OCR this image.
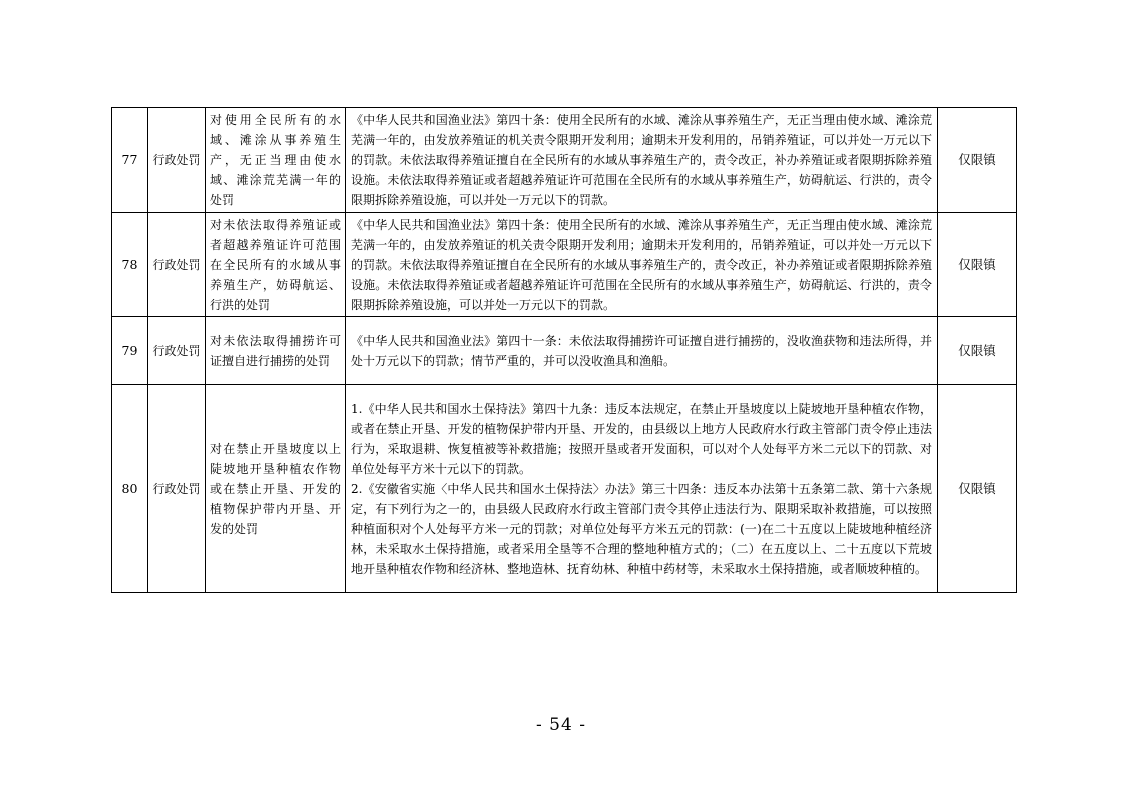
77	行政处罚	对使用全民所有的水域、滩涂从事养殖生产，无正当理由使水域、滩涂荒芜满一年的处罚	《中华人民共和国渔业法》第四十条：使用全民所有的水域、滩涂从事养殖生产，无正当理由使水域、滩涂荒芜满一年的，由发放养殖证的机关责令限期开发利用；逾期未开发利用的，吊销养殖证，可以并处一万元以下的罚款。未依法取得养殖证擅自在全民所有的水域从事养殖生产的，责令改正，补办养殖证或者限期拆除养殖设施。未依法取得养殖证或者超越养殖证许可范围在全民所有的水域从事养殖生产，妨碍航运、行洪的，责令限期拆除养殖设施，可以并处一万元以下的罚款。	仅限镇
78	行政处罚	对未依法取得养殖证或者超越养殖证许可范围在全民所有的水域从事养殖生产，妨碍航运、行洪的处罚	《中华人民共和国渔业法》第四十条：使用全民所有的水域、滩涂从事养殖生产，无正当理由使水域、滩涂荒芜满一年的，由发放养殖证的机关责令限期开发利用；逾期未开发利用的，吊销养殖证，可以并处一万元以下的罚款。未依法取得养殖证擅自在全民所有的水域从事养殖生产的，责令改正，补办养殖证或者限期拆除养殖设施。未依法取得养殖证或者超越养殖证许可范围在全民所有的水域从事养殖生产，妨碍航运、行洪的，责令限期拆除养殖设施，可以并处一万元以下的罚款。	仅限镇
79	行政处罚	对未依法取得捕捞许可证擅自进行捕捞的处罚	《中华人民共和国渔业法》第四十一条：未依法取得捕捞许可证擅自进行捕捞的，没收渔获物和违法所得，并处十万元以下的罚款；情节严重的，并可以没收渔具和渔船。	仅限镇
80	行政处罚	对在禁止开垦坡度以上陡坡地开垦种植农作物或在禁止开垦、开发的植物保护带内开垦、开发的处罚	1.《中华人民共和国水土保持法》第四十九条：违反本法规定，在禁止开垦坡度以上陡坡地开垦种植农作物，或者在禁止开垦、开发的植物保护带内开垦、开发的，由县级以上地方人民政府水行政主管部门责令停止违法行为，采取退耕、恢复植被等补救措施；按照开垦或者开发面积，可以对个人处每平方米二元以下的罚款、对单位处每平方米十元以下的罚款。
2.《安徽省实施〈中华人民共和国水土保持法〉办法》第三十四条：违反本办法第十五条第二款、第十六条规定，有下列行为之一的，由县级人民政府水行政主管部门责令其停止违法行为、限期采取补救措施，可以按照种植面积对个人处每平方米一元的罚款；对单位处每平方米五元的罚款：(一)在二十五度以上陡坡地种植经济林，未采取水土保持措施，或者采用全垦等不合理的整地种植方式的；（二）在五度以上、二十五度以下荒坡地开垦种植农作物和经济林、整地造林、抚育幼林、种植中药材等，未采取水土保持措施，或者顺坡种植的。	仅限镇
- 54 -
